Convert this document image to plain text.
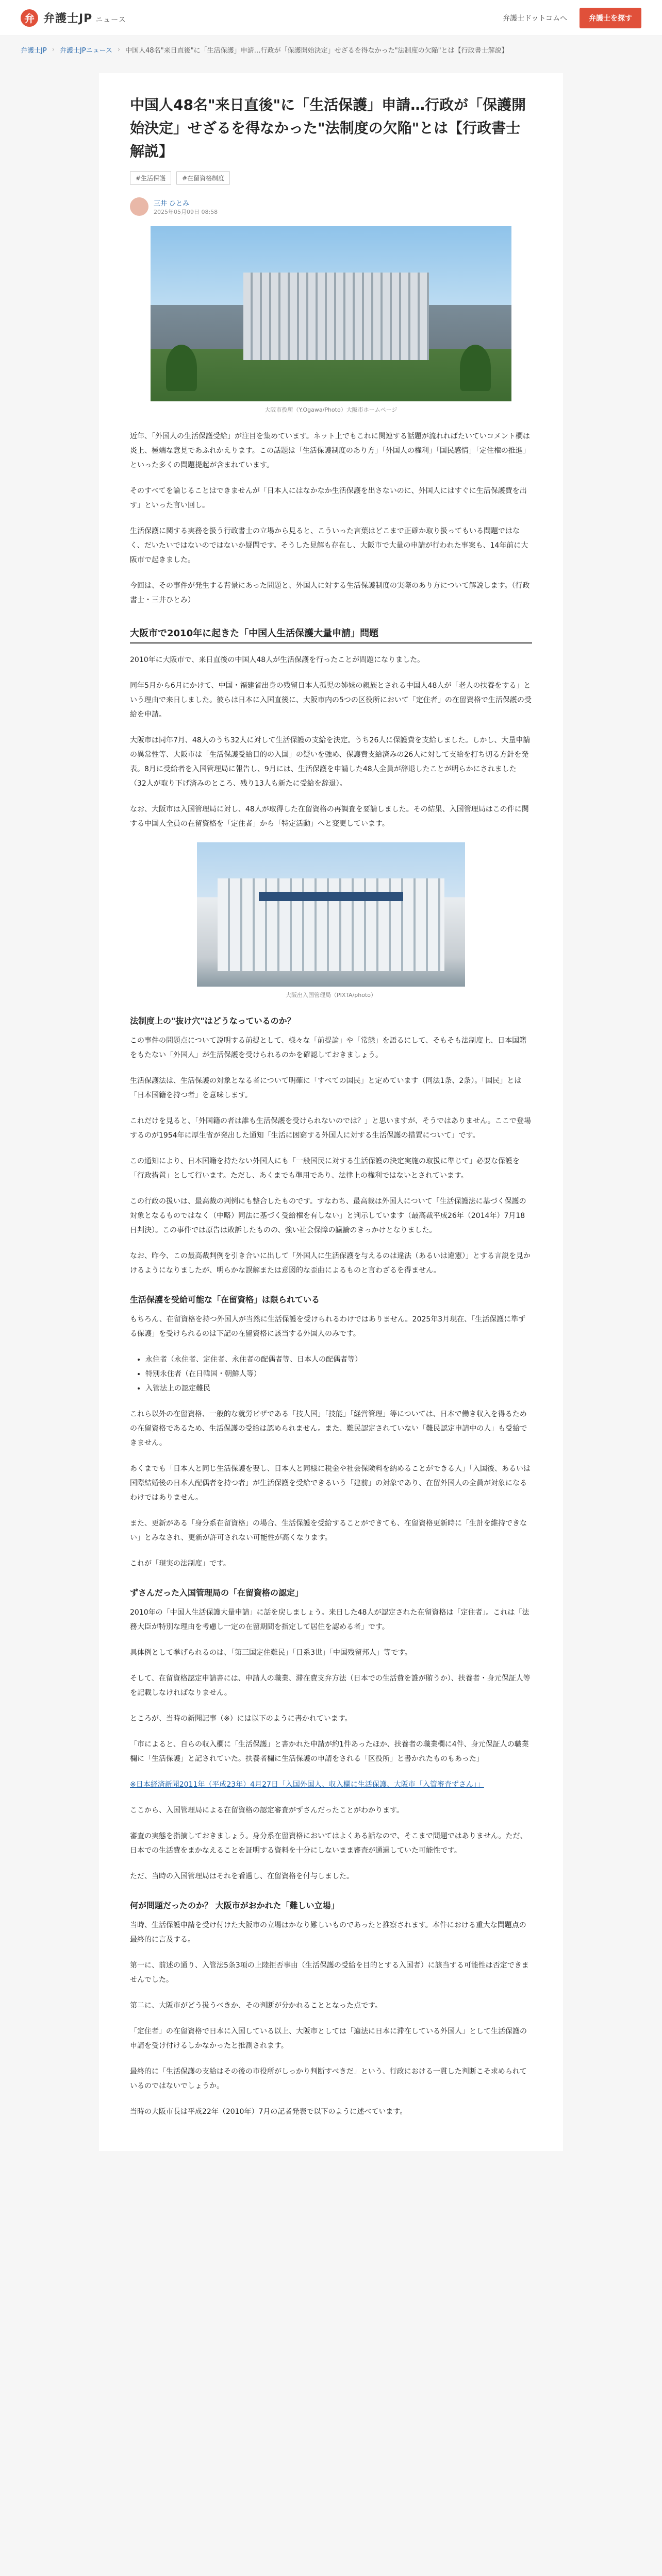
弁 弁護士JP ニュース	弁護士ドットコムへ	弁護士を探す
弁護士JP › 弁護士JPニュース › 中国人48名"来日直後"に「生活保護」申請…行政が「保護開始決定」せざるを得なかった"法制度の欠陥"とは【行政書士解説】
中国人48名"来日直後"に「生活保護」申請…行政が「保護開始決定」せざるを得なかった"法制度の欠陥"とは【行政書士解説】
#生活保護	#在留資格制度
三井 ひとみ
2025年05月09日 08:58
大阪市役所（Y.Ogawa/Photo）大阪市ホームページ

近年、「外国人の生活保護受給」が注目を集めています。ネット上でもこれに関連する話題が流れればたいていコメント欄は炎上、極端な意見であふれかえります。この話題は「生活保護制度のあり方」「外国人の権利」「国民感情」「定住権の推進」といった多くの問題提起が含まれています。

そのすべてを論じることはできませんが「日本人にはなかなか生活保護を出さないのに、外国人にはすぐに生活保護費を出す」といった言い回し。

生活保護に関する実務を扱う行政書士の立場から見ると、こういった言葉はどこまで正確か取り扱ってもいる問題ではなく、だいたいではないのではないか疑問です。そうした見解も存在し、大阪市で大量の申請が行われた事案も、14年前に大阪市で起きました。

今回は、その事件が発生する背景にあった問題と、外国人に対する生活保護制度の実際のあり方について解説します。（行政書士・三井ひとみ）

大阪市で2010年に起きた「中国人生活保護大量申請」問題

2010年に大阪市で、来日直後の中国人48人が生活保護を行ったことが問題になりました。

同年5月から6月にかけて、中国・福建省出身の残留日本人孤児の姉妹の親族とされる中国人48人が「老人の扶養をする」という理由で来日しました。彼らは日本に入国直後に、大阪市内の5つの区役所において「定住者」の在留資格で生活保護の受給を申請。

大阪市は同年7月、48人のうち32人に対して生活保護の支給を決定。うち26人に保護費を支給しました。しかし、大量申請の異常性等、大阪市は「生活保護受給目的の入国」の疑いを強め、保護費支給済みの26人に対して支給を打ち切る方針を発表。8月に受給者を入国管理局に報告し、9月には、生活保護を申請した48人全員が辞退したことが明らかにされました（32人が取り下げ済みのところ、残り13人も新たに受給を辞退）。

なお、大阪市は入国管理局に対し、48人が取得した在留資格の再調査を要請しました。その結果、入国管理局はこの件に関する中国人全員の在留資格を「定住者」から「特定活動」へと変更しています。

大阪出入国管理局（PIXTA/photo）
法制度上の"抜け穴"はどうなっているのか？

この事件の問題点について説明する前提として、様々な「前提論」や「常態」を語るにして、そもそも法制度上、日本国籍をもたない「外国人」が生活保護を受けられるのかを確認しておきましょう。

生活保護法は、生活保護の対象となる者について明確に「すべての国民」と定めています（同法1条、2条）。「国民」とは「日本国籍を持つ者」を意味します。

これだけを見ると、「外国籍の者は誰も生活保護を受けられないのでは？」と思いますが、そうではありません。ここで登場するのが1954年に厚生省が発出した通知「生活に困窮する外国人に対する生活保護の措置について」です。

この通知により、日本国籍を持たない外国人にも「一般国民に対する生活保護の決定実施の取扱に準じて」必要な保護を「行政措置」として行います。ただし、あくまでも準用であり、法律上の権利ではないとされています。

この行政の扱いは、最高裁の判例にも整合したものです。すなわち、最高裁は外国人について「生活保護法に基づく保護の対象となるものではなく（中略）同法に基づく受給権を有しない」と判示しています（最高裁平成26年（2014年）7月18日判決）。この事件では原告は敗訴したものの、強い社会保障の議論のきっかけとなりました。

なお、昨今、この最高裁判例を引き合いに出して「外国人に生活保護を与えるのは違法（あるいは違憲）」とする言説を見かけるようになりましたが、明らかな誤解または意図的な歪曲によるものと言わざるを得ません。

生活保護を受給可能な「在留資格」は限られている

もちろん、在留資格を持つ外国人が当然に生活保護を受けられるわけではありません。2025年3月現在、「生活保護に準ずる保護」を受けられるのは下記の在留資格に該当する外国人のみです。

• 永住者（永住者、定住者、永住者の配偶者等、日本人の配偶者等）
• 特別永住者（在日韓国・朝鮮人等）
• 入管法上の認定難民

これら以外の在留資格、一般的な就労ビザである「技人国」「技能」「経営管理」等については、日本で働き収入を得るための在留資格であるため、生活保護の受給は認められません。また、難民認定されていない「難民認定申請中の人」も受給できません。

あくまでも「日本人と同じ生活保護を要し、日本人と同様に税金や社会保険料を納めることができる人」「入国後、あるいは国際結婚後の日本人配偶者を持つ者」が生活保護を受給できるいう「建前」の対象であり、在留外国人の全員が対象になるわけではありません。

また、更新がある「身分系在留資格」の場合、生活保護を受給することができても、在留資格更新時に「生計を維持できない」とみなされ、更新が許可されない可能性が高くなります。

これが「現実の法制度」です。

ずさんだった入国管理局の「在留資格の認定」

2010年の「中国人生活保護大量申請」に話を戻しましょう。来日した48人が認定された在留資格は「定住者」。これは「法務大臣が特別な理由を考慮し一定の在留期間を指定して居住を認める者」です。

具体例として挙げられるのは、「第三国定住難民」「日系3世」「中国残留邦人」等です。

そして、在留資格認定申請書には、申請人の職業、滞在費支弁方法（日本での生活費を誰が賄うか）、扶養者・身元保証人等を記載しなければなりません。

ところが、当時の新聞記事（※）には以下のように書かれています。

「市によると、自らの収入欄に「生活保護」と書かれた申請が約1件あったほか、扶養者の職業欄に4件、身元保証人の職業欄に「生活保護」と記されていた。扶養者欄に生活保護の申請をされる「区役所」と書かれたものもあった」

※日本経済新聞2011年（平成23年）4月27日「入国外国人、収入欄に生活保護、大阪市「入管審査ずさん」」

ここから、入国管理局による在留資格の認定審査がずさんだったことがわかります。

審査の実態を指摘しておきましょう。身分系在留資格においてはよくある話なので、そこまで問題ではありません。ただ、日本での生活費をまかなえることを証明する資料を十分にしないまま審査が通過していた可能性です。

ただ、当時の入国管理局はそれを看過し、在留資格を付与しました。

何が問題だったのか？ 大阪市がおかれた「難しい立場」

当時、生活保護申請を受け付けた大阪市の立場はかなり難しいものであったと推察されます。本件における重大な問題点の最終的に言及する。

第一に、前述の通り、入管法5条3項の上陸拒否事由（生活保護の受給を目的とする入国者）に該当する可能性は否定できませんでした。

第二に、大阪市がどう扱うべきか、その判断が分かれることとなった点です。

「定住者」の在留資格で日本に入国している以上、大阪市としては「適法に日本に滞在している外国人」として生活保護の申請を受け付けるしかなかったと推測されます。

最終的に「生活保護の支給はその後の市役所がしっかり判断すべきだ」という、行政における一貫した判断こそ求められているのではないでしょうか。

当時の大阪市長は平成22年（2010年）7月の記者発表で以下のように述べています。
